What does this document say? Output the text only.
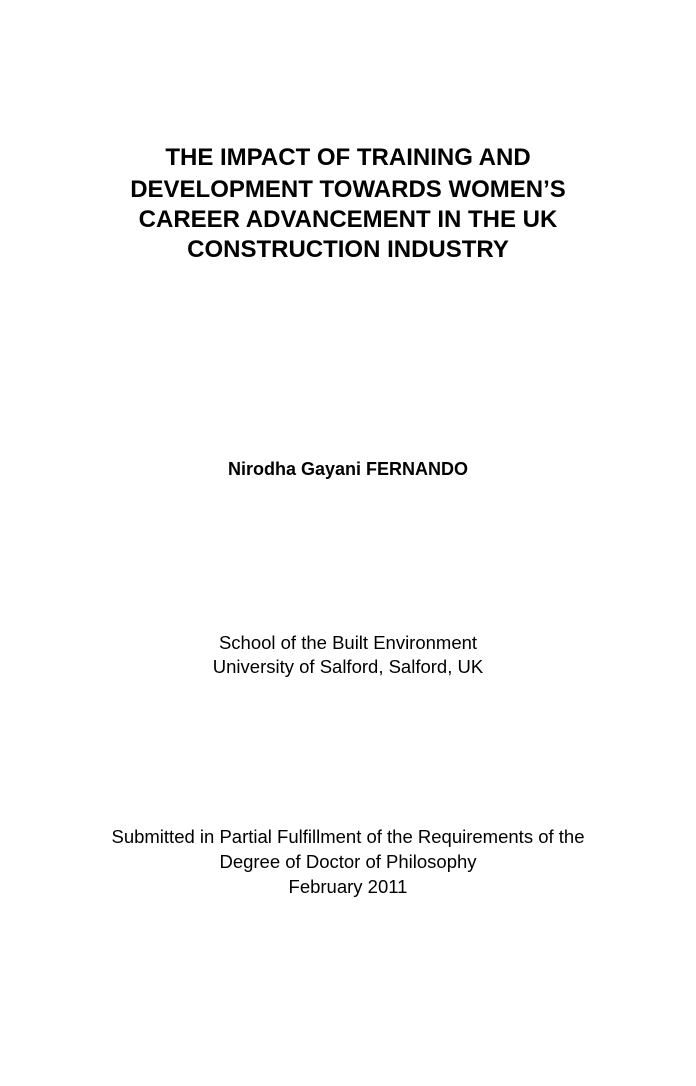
THE IMPACT OF TRAINING AND
DEVELOPMENT TOWARDS WOMEN’S
CAREER ADVANCEMENT IN THE UK
CONSTRUCTION INDUSTRY
Nirodha Gayani FERNANDO
School of the Built Environment
University of Salford, Salford, UK
Submitted in Partial Fulfillment of the Requirements of the
Degree of Doctor of Philosophy
February 2011
